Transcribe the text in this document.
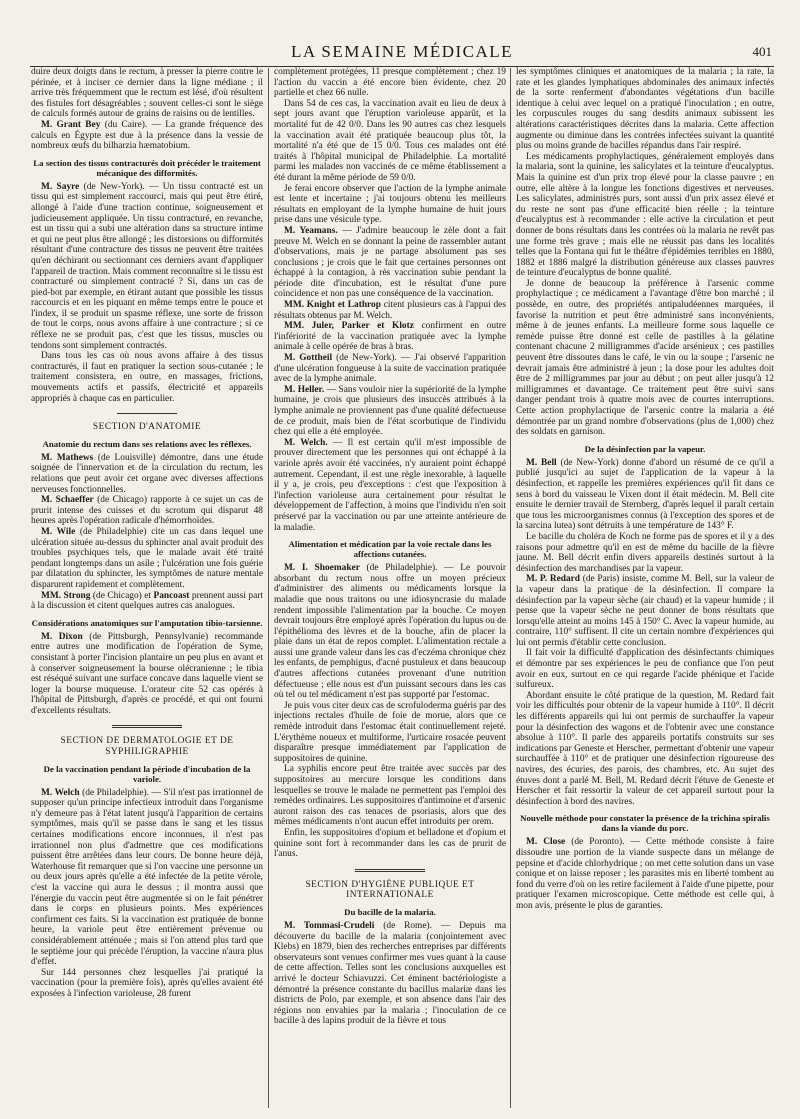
LA SEMAINE MÉDICALE	401

duire deux doigts dans le rectum, à presser la pierre contre le périnée, et à inciser ce dernier dans la ligne médiane ; il arrive très fréquemment que le rectum est lésé, d'où résultent des fistules fort désagréables ; souvent celles-ci sont le siège de calculs formés autour de grains de raisins ou de lentilles.

M. Grant Bey (du Caire). — La grande fréquence des calculs en Égypte est due à la présence dans la vessie de nombreux œufs du bilharzia hæmatobium.

La section des tissus contracturés doit précéder le traitement mécanique des difformités.

M. Sayre (de New-York). — Un tissu contracté est un tissu qui est simplement raccourci, mais qui peut être étiré, allongé à l'aide d'une traction continue, soigneusement et judicieusement appliquée. Un tissu contracturé, en revanche, est un tissu qui a subi une altération dans sa structure intime et qui ne peut plus être allongé ; les distorsions ou difformités résultant d'une contracture des tissus ne peuvent être traitées qu'en déchirant ou sectionnant ces derniers avant d'appliquer l'appareil de traction. Mais comment reconnaître si le tissu est contracturé ou simplement contracté ? Si, dans un cas de pied-bot par exemple, en étirant autant que possible les tissus raccourcis et en les piquant en même temps entre le pouce et l'index, il se produit un spasme réflexe, une sorte de frisson de tout le corps, nous avons affaire à une contracture ; si ce réflexe ne se produit pas, c'est que les tissus, muscles ou tendons sont simplement contractés.

Dans tous les cas où nous avons affaire à des tissus contracturés, il faut en pratiquer la section sous-cutanée ; le traitement consistera, en outre, en massages, frictions, mouvements actifs et passifs, électricité et appareils appropriés à chaque cas en particulier.

SECTION D'ANATOMIE
Anatomie du rectum dans ses relations avec les réflexes.

M. Mathews (de Louisville) démontre, dans une étude soignée de l'innervation et de la circulation du rectum, les relations que peut avoir cet organe avec diverses affections nerveuses fonctionnelles.

M. Schaeffer (de Chicago) rapporte à ce sujet un cas de prurit intense des cuisses et du scrotum qui disparut 48 heures après l'opération radicale d'hémorrhoïdes.

M. Wile (de Philadelphie) cite un cas dans lequel une ulcération située au-dessus du sphincter anal avait produit des troubles psychiques tels, que le malade avait été traité pendant longtemps dans un asile ; l'ulcération une fois guérie par dilatation du sphincter, les symptômes de nature mentale disparurent rapidement et complètement.

MM. Strong (de Chicago) et Pancoast prennent aussi part à la discussion et citent quelques autres cas analogues.

Considérations anatomiques sur l'amputation tibio-tarsienne.

M. Dixon (de Pittsburgh, Pennsylvanie) recommande entre autres une modification de l'opération de Syme, consistant à porter l'incision plantaire un peu plus en avant et à conserver soigneusement la bourse olécranienne ; le tibia est réséqué suivant une surface concave dans laquelle vient se loger la bourse muqueuse. L'orateur cite 52 cas opérés à l'hôpital de Pittsburgh, d'après ce procédé, et qui ont fourni d'excellents résultats.

SECTION DE DERMATOLOGIE ET DE SYPHILIGRAPHIE
De la vaccination pendant la période d'incubation de la variole.

M. Welch (de Philadelphie). — S'il n'est pas irrationnel de supposer qu'un principe infectieux introduit dans l'organisme n'y demeure pas à l'état latent jusqu'à l'apparition de certains symptômes, mais qu'il se passe dans le sang et les tissus certaines modifications encore inconnues, il n'est pas irrationnel non plus d'admettre que ces modifications puissent être arrêtées dans leur cours. De bonne heure déjà, Waterhouse fit remarquer que si l'on vaccine une personne un ou deux jours après qu'elle a été infectée de la petite vérole, c'est la vaccine qui aura le dessus ; il montra aussi que l'énergie du vaccin peut être augmentée si on le fait pénétrer dans le corps en plusieurs points. Mes expériences confirment ces faits. Si la vaccination est pratiquée de bonne heure, la variole peut être entièrement prévenue ou considérablement atténuée ; mais si l'on attend plus tard que le septième jour qui précède l'éruption, la vaccine n'aura plus d'effet.

Sur 144 personnes chez lesquelles j'ai pratiqué la vaccination (pour la première fois), après qu'elles avaient été exposées à l'infection varioleuse, 28 furent

complètement protégées, 11 presque complètement ; chez 19 l'action du vaccin a été encore bien évidente, chez 20 partielle et chez 66 nulle.

Dans 54 de ces cas, la vaccination avait eu lieu de deux à sept jours avant que l'éruption varioleuse apparût, et la mortalité fut de 42 0/0. Dans les 90 autres cas chez lesquels la vaccination avait été pratiquée beaucoup plus tôt, la mortalité n'a été que de 15 0/0. Tous ces malades ont été traités à l'hôpital municipal de Philadelphie. La mortalité parmi les malades non vaccinés de ce même établissement a été durant la même période de 59 0/0.

Je ferai encore observer que l'action de la lymphe animale est lente et incertaine ; j'ai toujours obtenu les meilleurs résultats en employant de la lymphe humaine de huit jours prise dans une vésicule type.

M. Yeamans. — J'admire beaucoup le zèle dont a fait preuve M. Welch en se donnant la peine de rassembler autant d'observations, mais je ne partage absolument pas ses conclusions ; je crois que le fait que certaines personnes ont échappé à la contagion, à rès vaccination subie pendant la période dite d'incubation, est le résultat d'une pure coïncidence et non pas une conséquence de la vaccination.

MM. Knight et Lathrop citent plusieurs cas à l'appui des résultats obtenus par M. Welch.

MM. Juler, Parker et Klotz confirment en outre l'infériorité de la vaccination pratiquée avec la lymphe animale à celle opérée de bras à bras.

M. Gottheil (de New-York). — J'ai observé l'apparition d'une ulcération fongueuse à la suite de vaccination pratiquée avec de la lymphe animale.

M. Heller. — Sans vouloir nier la supériorité de la lymphe humaine, je crois que plusieurs des insuccès attribués à la lymphe animale ne proviennent pas d'une qualité défectueuse de ce produit, mais bien de l'état scorbutique de l'individu chez qui elle a été employée.

M. Welch. — Il est certain qu'il m'est impossible de prouver directement que les personnes qui ont échappé à la variole après avoir été vaccinées, n'y auraient point échappé autrement. Cependant, il est une règle inexorable, à laquelle il y a, je crois, peu d'exceptions : c'est que l'exposition à l'infection varioleuse aura certainement pour résultat le développement de l'affection, à moins que l'individu n'en soit préservé par la vaccination ou par une atteinte antérieure de la maladie.

Alimentation et médication par la voie rectale dans les affections cutanées.

M. I. Shoemaker (de Philadelphie). — Le pouvoir absorbant du rectum nous offre un moyen précieux d'administrer des aliments ou médicaments lorsque la maladie que nous traitons ou une idiosyncrasie du malade rendent impossible l'alimentation par la bouche. Ce moyen devrait toujours être employé après l'opération du lupus ou de l'épithélioma des lèvres et de la bouche, afin de placer la plaie dans un état de repos complet. L'alimentation rectale a aussi une grande valeur dans les cas d'eczéma chronique chez les enfants, de pemphigus, d'acné pustuleux et dans beaucoup d'autres affections cutanées provenant d'une nutrition défectueuse ; elle nous est d'un puissant secours dans les cas où tel ou tel médicament n'est pas supporté par l'estomac.

Je puis vous citer deux cas de scrofuloderma guéris par des injections rectales d'huile de foie de morue, alors que ce remède introduit dans l'estomac était continuellement rejeté. L'érythème noueux et multiforme, l'urticaire rosacée peuvent disparaître presque immédiatement par l'application de suppositoires de quinine.

La syphilis encore peut être traitée avec succès par des suppositoires au mercure lorsque les conditions dans lesquelles se trouve le malade ne permettent pas l'emploi des remèdes ordinaires. Les suppositoires d'antimoine et d'arsenic auront raison des cas tenaces de psoriasis, alors que des mêmes médicaments n'ont aucun effet introduits per orem.

Enfin, les suppositoires d'opium et belladone et d'opium et quinine sont fort à recommander dans les cas de prurit de l'anus.

SECTION D'HYGIÈNE PUBLIQUE ET INTERNATIONALE
Du bacille de la malaria.

M. Tommasi-Crudeli (de Rome). — Depuis ma découverte du bacille de la malaria (conjointement avec Klebs) en 1879, bien des recherches entreprises par différents observateurs sont venues confirmer mes vues quant à la cause de cette affection. Telles sont les conclusions auxquelles est arrivé le docteur Schiavuzzi. Cet éminent bactériologiste a démontré la présence constante du bacillus malariæ dans les districts de Polo, par exemple, et son absence dans l'air des régions non envahies par la malaria ; l'inoculation de ce bacille à des lapins produit de la fièvre et tous

les symptômes cliniques et anatomiques de la malaria ; la rate, la rate et les glandes lymphatiques abdominales des animaux infectés de la sorte renferment d'abondantes végétations d'un bacille identique à celui avec lequel on a pratiqué l'inoculation ; en outre, les corpuscules rouges du sang desdits animaux subissent les altérations caractéristiques décrites dans la malaria. Cette affection augmente ou diminue dans les contrées infectées suivant la quantité plus ou moins grande de bacilles répandus dans l'air respiré.

Les médicaments prophylactiques, généralement employés dans la malaria, sont la quinine, les salicylates et la teinture d'eucalyptus. Mais la quinine est d'un prix trop élevé pour la classe pauvre ; en outre, elle altère à la longue les fonctions digestives et nerveuses. Les salicylates, administrés purs, sont aussi d'un prix assez élevé et du reste ne sont pas d'une efficacité bien réelle ; la teinture d'eucalyptus est à recommander : elle active la circulation et peut donner de bons résultats dans les contrées où la malaria ne revêt pas une forme très grave ; mais elle ne réussit pas dans les localités telles que la Fontana qui fut le théâtre d'épidémies terribles en 1880, 1882 et 1886 malgré la distribution généreuse aux classes pauvres de teinture d'eucalyptus de bonne qualité.

Je donne de beaucoup la préférence à l'arsenic comme prophylactique ; ce médicament a l'avantage d'être bon marché ; il possède, en outre, des propriétés antipaludéennes marquées, il favorise la nutrition et peut être administré sans inconvénients, même à de jeunes enfants. La meilleure forme sous laquelle ce remède puisse être donné est celle de pastilles à la gélatine contenant chacune 2 milligrammes d'acide arsénieux ; ces pastilles peuvent être dissoutes dans le café, le vin ou la soupe ; l'arsenic ne devrait jamais être administré à jeun ; la dose pour les adultes doit être de 2 milligrammes par jour au début ; on peut aller jusqu'à 12 milligrammes et davantage. Ce traitement peut être suivi sans danger pendant trois à quatre mois avec de courtes interruptions. Cette action prophylactique de l'arsenic contre la malaria a été démontrée par un grand nombre d'observations (plus de 1,000) chez des soldats en garnison.

De la désinfection par la vapeur.

M. Bell (de New-York) donne d'abord un résumé de ce qu'il a publié jusqu'ici au sujet de l'application de la vapeur à la désinfection, et rappelle les premières expériences qu'il fit dans ce sens à bord du vaisseau le Vixen dont il était médecin. M. Bell cite ensuite le dernier travail de Sternberg, d'après lequel il paraît certain que tous les microorganismes connus (à l'exception des spores et de la sarcina lutea) sont détruits à une température de 143° F.

Le bacille du choléra de Koch ne forme pas de spores et il y a des raisons pour admettre qu'il en est de même du bacille de la fièvre jaune. M. Bell décrit enfin divers appareils destinés surtout à la désinfection des marchandises par la vapeur.

M. P. Redard (de Paris) insiste, comme M. Bell, sur la valeur de la vapeur dans la pratique de la désinfection. Il compare la désinfection par la vapeur sèche (air chaud) et la vapeur humide ; il pense que la vapeur sèche ne peut donner de bons résultats que lorsqu'elle atteint au moins 145 à 150° C. Avec la vapeur humide, au contraire, 110° suffisent. Il cite un certain nombre d'expériences qui lui ont permis d'établir cette conclusion.

Il fait voir la difficulté d'application des désinfectants chimiques et démontre par ses expériences le peu de confiance que l'on peut avoir en eux, surtout en ce qui regarde l'acide phénique et l'acide sulfureux.

Abordant ensuite le côté pratique de la question, M. Redard fait voir les difficultés pour obtenir de la vapeur humide à 110°. Il décrit les différents appareils qui lui ont permis de surchauffer la vapeur pour la désinfection des wagons et de l'obtenir avec une constance absolue à 110°. Il parle des appareils portatifs construits sur ses indications par Geneste et Herscher, permettant d'obtenir une vapeur surchauffée à 110° et de pratiquer une désinfection rigoureuse des navires, des écuries, des parois, des chambres, etc. Au sujet des étuves dont a parlé M. Bell, M. Redard décrit l'étuve de Geneste et Herscher et fait ressortir la valeur de cet appareil surtout pour la désinfection à bord des navires.

Nouvelle méthode pour constater la présence de la trichina spiralis dans la viande du porc.

M. Close (de Poronto). — Cette méthode consiste à faire dissoudre une portion de la viande suspecte dans un mélange de pepsine et d'acide chlorhydrique ; on met cette solution dans un vase conique et on laisse reposer ; les parasites mis en liberté tombent au fond du verre d'où on les retire facilement à l'aide d'une pipette, pour pratiquer l'examen microscopique. Cette méthode est celle qui, à mon avis, présente le plus de garanties.
